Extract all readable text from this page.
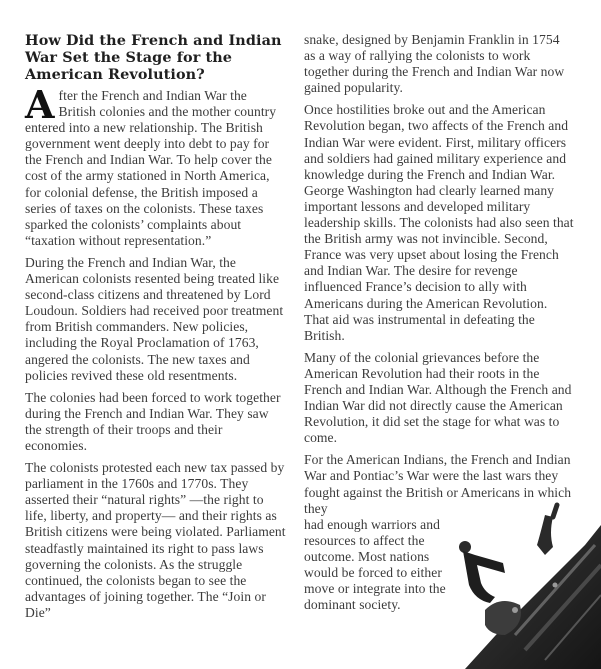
How Did the French and Indian War Set the Stage for the American Revolution?

After the French and Indian War the British colonies and the mother country entered into a new relationship. The British government went deeply into debt to pay for the French and Indian War. To help cover the cost of the army stationed in North America, for colonial defense, the British imposed a series of taxes on the colonists. These taxes sparked the colonists’ complaints about “taxation without representation.”

During the French and Indian War, the American colonists resented being treated like second-class citizens and threatened by Lord Loudoun. Soldiers had received poor treatment from British commanders. New policies, including the Royal Proclamation of 1763, angered the colonists. The new taxes and policies revived these old resentments.

The colonies had been forced to work together during the French and Indian War. They saw the strength of their troops and their economies.

The colonists protested each new tax passed by parliament in the 1760s and 1770s. They asserted their “natural rights” —the right to life, liberty, and property— and their rights as British citizens were being violated. Parliament steadfastly maintained its right to pass laws governing the colonists. As the struggle continued, the colonists began to see the advantages of joining together. The “Join or Die”

snake, designed by Benjamin Franklin in 1754 as a way of rallying the colonists to work together during the French and Indian War now gained popularity.

Once hostilities broke out and the American Revolution began, two affects of the French and Indian War were evident. First, military officers and soldiers had gained military experience and knowledge during the French and Indian War. George Washington had clearly learned many important lessons and developed military leadership skills. The colonists had also seen that the British army was not invincible. Second, France was very upset about losing the French and Indian War. The desire for revenge influenced France’s decision to ally with Americans during the American Revolution. That aid was instrumental in defeating the British.

Many of the colonial grievances before the American Revolution had their roots in the French and Indian War. Although the French and Indian War did not directly cause the American Revolution, it did set the stage for what was to come.

For the American Indians, the French and Indian War and Pontiac’s War were the last wars they fought against the British or Americans in which they

had enough warriors and resources to affect the outcome. Most nations would be forced to either move or integrate into the dominant society.
